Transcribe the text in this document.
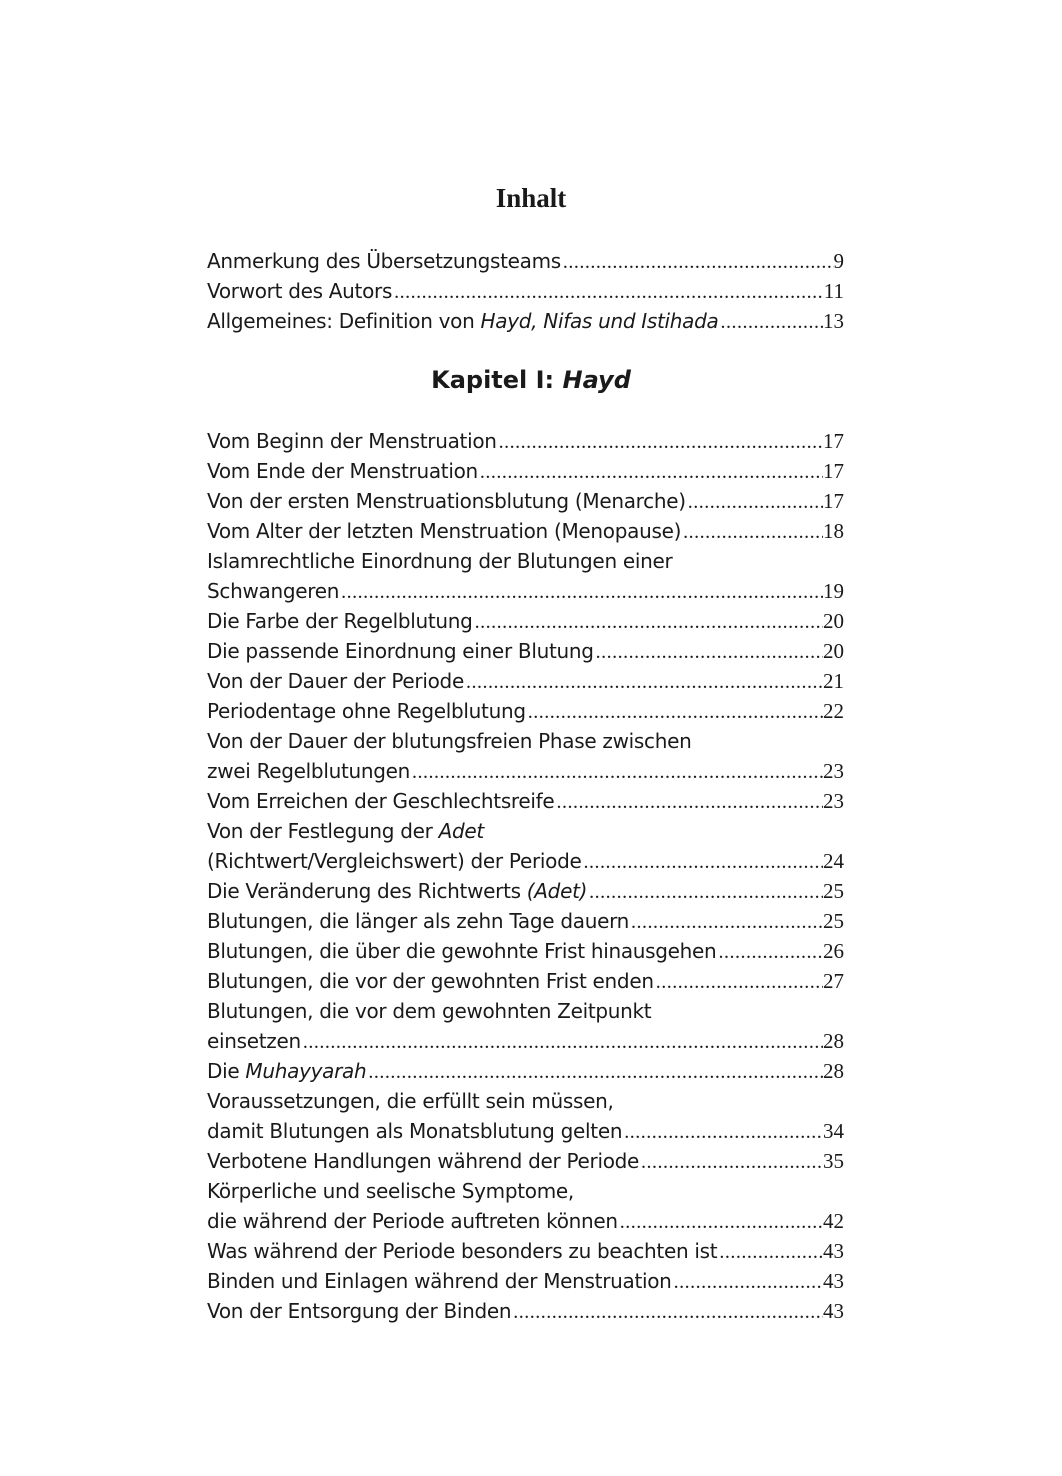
Inhalt
Anmerkung des Übersetzungsteams .....	9
Vorwort des Autors .....	11
Allgemeines: Definition von Hayd, Nifas und Istihada .....	13
Kapitel I: Hayd
Vom Beginn der Menstruation .....	17
Vom Ende der Menstruation .....	17
Von der ersten Menstruationsblutung (Menarche) .....	17
Vom Alter der letzten Menstruation (Menopause) .....	18
Islamrechtliche Einordnung der Blutungen einer
Schwangeren .....	19
Die Farbe der Regelblutung .....	20
Die passende Einordnung einer Blutung .....	20
Von der Dauer der Periode .....	21
Periodentage ohne Regelblutung .....	22
Von der Dauer der blutungsfreien Phase zwischen
zwei Regelblutungen .....	23
Vom Erreichen der Geschlechtsreife .....	23
Von der Festlegung der Adet
(Richtwert/Vergleichswert) der Periode .....	24
Die Veränderung des Richtwerts (Adet) .....	25
Blutungen, die länger als zehn Tage dauern .....	25
Blutungen, die über die gewohnte Frist hinausgehen .....	26
Blutungen, die vor der gewohnten Frist enden .....	27
Blutungen, die vor dem gewohnten Zeitpunkt
einsetzen .....	28
Die Muhayyarah .....	28
Voraussetzungen, die erfüllt sein müssen,
damit Blutungen als Monatsblutung gelten .....	34
Verbotene Handlungen während der Periode .....	35
Körperliche und seelische Symptome,
die während der Periode auftreten können .....	42
Was während der Periode besonders zu beachten ist .....	43
Binden und Einlagen während der Menstruation .....	43
Von der Entsorgung der Binden .....	43
